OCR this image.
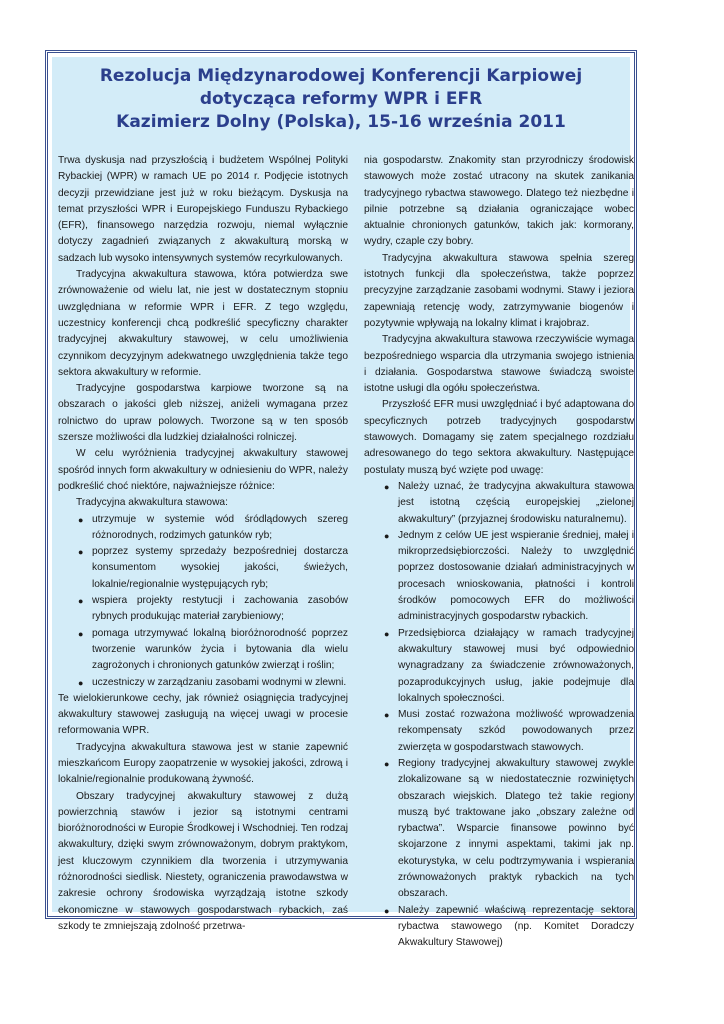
Rezolucja Międzynarodowej Konferencji Karpiowej
dotycząca reformy WPR i EFR
Kazimierz Dolny (Polska), 15-16 września 2011

Trwa dyskusja nad przyszłością i budżetem Wspólnej Polityki Rybackiej (WPR) w ramach UE po 2014 r. Podjęcie istotnych decyzji przewidziane jest już w roku bieżącym. Dyskusja na temat przyszłości WPR i Europejskiego Funduszu Rybackiego (EFR), finansowego narzędzia rozwoju, niemal wyłącznie dotyczy zagadnień związanych z akwakulturą morską w sadzach lub wysoko intensywnych systemów recyrkulowanych.

Tradycyjna akwakultura stawowa, która potwierdza swe zrównoważenie od wielu lat, nie jest w dostatecznym stopniu uwzględniana w reformie WPR i EFR. Z tego względu, uczestnicy konferencji chcą podkreślić specyficzny charakter tradycyjnej akwakultury stawowej, w celu umożliwienia czynnikom decyzyjnym adekwatnego uwzględnienia także tego sektora akwakultury w reformie.

Tradycyjne gospodarstwa karpiowe tworzone są na obszarach o jakości gleb niższej, aniżeli wymagana przez rolnictwo do upraw polowych. Tworzone są w ten sposób szersze możliwości dla ludzkiej działalności rolniczej.

W celu wyróżnienia tradycyjnej akwakultury stawowej spośród innych form akwakultury w odniesieniu do WPR, należy podkreślić choć niektóre, najważniejsze różnice:

Tradycyjna akwakultura stawowa:

● utrzymuje w systemie wód śródlądowych szereg różnorodnych, rodzimych gatunków ryb;
● poprzez systemy sprzedaży bezpośredniej dostarcza konsumentom wysokiej jakości, świeżych, lokalnie/regionalnie występujących ryb;
● wspiera projekty restytucji i zachowania zasobów rybnych produkując materiał zarybieniowy;
● pomaga utrzymywać lokalną bioróżnorodność poprzez tworzenie warunków życia i bytowania dla wielu zagrożonych i chronionych gatunków zwierząt i roślin;
● uczestniczy w zarządzaniu zasobami wodnymi w zlewni.

Te wielokierunkowe cechy, jak również osiągnięcia tradycyjnej akwakultury stawowej zasługują na więcej uwagi w procesie reformowania WPR.

Tradycyjna akwakultura stawowa jest w stanie zapewnić mieszkańcom Europy zaopatrzenie w wysokiej jakości, zdrową i lokalnie/regionalnie produkowaną żywność.

Obszary tradycyjnej akwakultury stawowej z dużą powierzchnią stawów i jezior są istotnymi centrami bioróżnorodności w Europie Środkowej i Wschodniej. Ten rodzaj akwakultury, dzięki swym zrównoważonym, dobrym praktykom, jest kluczowym czynnikiem dla tworzenia i utrzymywania różnorodności siedlisk. Niestety, ograniczenia prawodawstwa w zakresie ochrony środowiska wyrządzają istotne szkody ekonomiczne w stawowych gospodarstwach rybackich, zaś szkody te zmniejszają zdolność przetrwa-

nia gospodarstw. Znakomity stan przyrodniczy środowisk stawowych może zostać utracony na skutek zanikania tradycyjnego rybactwa stawowego. Dlatego też niezbędne i pilnie potrzebne są działania ograniczające wobec aktualnie chronionych gatunków, takich jak: kormorany, wydry, czaple czy bobry.

Tradycyjna akwakultura stawowa spełnia szereg istotnych funkcji dla społeczeństwa, także poprzez precyzyjne zarządzanie zasobami wodnymi. Stawy i jeziora zapewniają retencję wody, zatrzymywanie biogenów i pozytywnie wpływają na lokalny klimat i krajobraz.

Tradycyjna akwakultura stawowa rzeczywiście wymaga bezpośredniego wsparcia dla utrzymania swojego istnienia i działania. Gospodarstwa stawowe świadczą swoiste istotne usługi dla ogółu społeczeństwa.

Przyszłość EFR musi uwzględniać i być adaptowana do specyficznych potrzeb tradycyjnych gospodarstw stawowych. Domagamy się zatem specjalnego rozdziału adresowanego do tego sektora akwakultury. Następujące postulaty muszą być wzięte pod uwagę:

● Należy uznać, że tradycyjna akwakultura stawowa jest istotną częścią europejskiej „zielonej akwakultury” (przyjaznej środowisku naturalnemu).
● Jednym z celów UE jest wspieranie średniej, małej i mikroprzedsiębiorczości. Należy to uwzględnić poprzez dostosowanie działań administracyjnych w procesach wnioskowania, płatności i kontroli środków pomocowych EFR do możliwości administracyjnych gospodarstw rybackich.
● Przedsiębiorca działający w ramach tradycyjnej akwakultury stawowej musi być odpowiednio wynagradzany za świadczenie zrównoważonych, pozaprodukcyjnych usług, jakie podejmuje dla lokalnych społeczności.
● Musi zostać rozważona możliwość wprowadzenia rekompensaty szkód powodowanych przez zwierzęta w gospodarstwach stawowych.
● Regiony tradycyjnej akwakultury stawowej zwykle zlokalizowane są w niedostatecznie rozwiniętych obszarach wiejskich. Dlatego też takie regiony muszą być traktowane jako „obszary zależne od rybactwa”. Wsparcie finansowe powinno być skojarzone z innymi aspektami, takimi jak np. ekoturystyka, w celu podtrzymywania i wspierania zrównoważonych praktyk rybackich na tych obszarach.
● Należy zapewnić właściwą reprezentację sektora rybactwa stawowego (np. Komitet Doradczy Akwakultury Stawowej)
